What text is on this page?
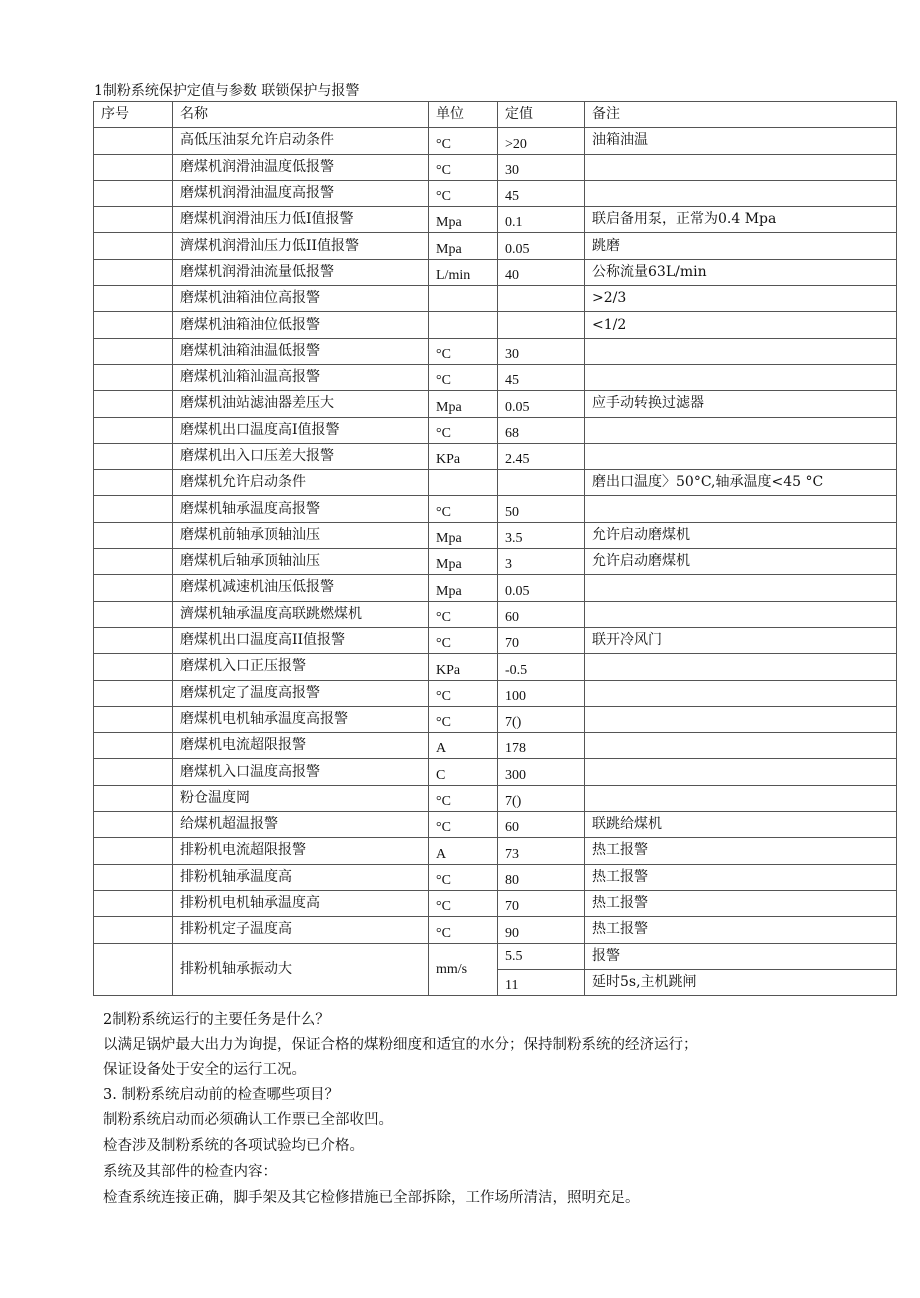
1制粉系统保护定值与参数 联锁保护与报警
序号	名称	单位	定值	备注
	高低压油泵允许启动条件	°C	>20	油箱油温
	磨煤机润滑油温度低报警	°C	30	
	磨煤机润滑油温度高报警	°C	45	
	磨煤机润滑油压力低I值报警	Mpa	0.1	联启备用泵，正常为0.4 Mpa
	濟煤机润滑汕压力低II值报警	Mpa	0.05	跳磨
	磨煤机润滑油流量低报警	L/min	40	公称流量63L/min
	磨煤机油箱油位高报警			>2/3
	磨煤机油箱油位低报警			<1/2
	磨煤机油箱油温低报警	°C	30	
	磨煤机汕箱汕温高报警	°C	45	
	磨煤机油站滤油器差压大	Mpa	0.05	应手动转换过滤器
	磨煤机出口温度高I值报警	°C	68	
	磨煤机出入口压差大报警	KPa	2.45	
	磨煤机允许启动条件			磨出口温度〉50°C,轴承温度<45 °C
	磨煤机轴承温度高报警	°C	50	
	磨煤机前轴承顶轴汕压	Mpa	3.5	允许启动磨煤机
	磨煤机后轴承顶轴汕压	Mpa	3	允许启动磨煤机
	磨煤机减速机油压低报警	Mpa	0.05	
	濟煤机轴承温度高联跳燃煤机	°C	60	
	磨煤机出口温度高II值报警	°C	70	联开冷风门
	磨煤机入口正压报警	KPa	-0.5	
	磨煤机定了温度高报警	°C	100	
	磨煤机电机轴承温度高报警	°C	7()	
	磨煤机电流超限报警	A	178	
	磨煤机入口温度高报警	C	300	
	粉仓温度岡	°C	7()	
	给煤机超温报警	°C	60	联跳给煤机
	排粉机电流超限报警	A	73	热工报警
	排粉机轴承温度高	°C	80	热工报警
	排粉机电机轴承温度高	°C	70	热工报警
	排粉机定子温度高	°C	90	热工报警
	排粉机轴承振动大	mm/s	5.5	报警
			11	延时5s,主机跳闸
2制粉系统运行的主要任务是什么？
以满足锅炉最大出力为询提，保证合格的煤粉细度和适宜的水分；保持制粉系统的经济运行；
保证设备处于安全的运行工况。
3. 制粉系统启动前的检查哪些项目？
制粉系统启动而必须确认工作票已全部收凹。
检杳涉及制粉系统的各项试验均已介格。
系统及其部件的检查内容：
检査系统连接正确，脚手架及其它检修措施已全部拆除，工作场所清洁，照明充足。
